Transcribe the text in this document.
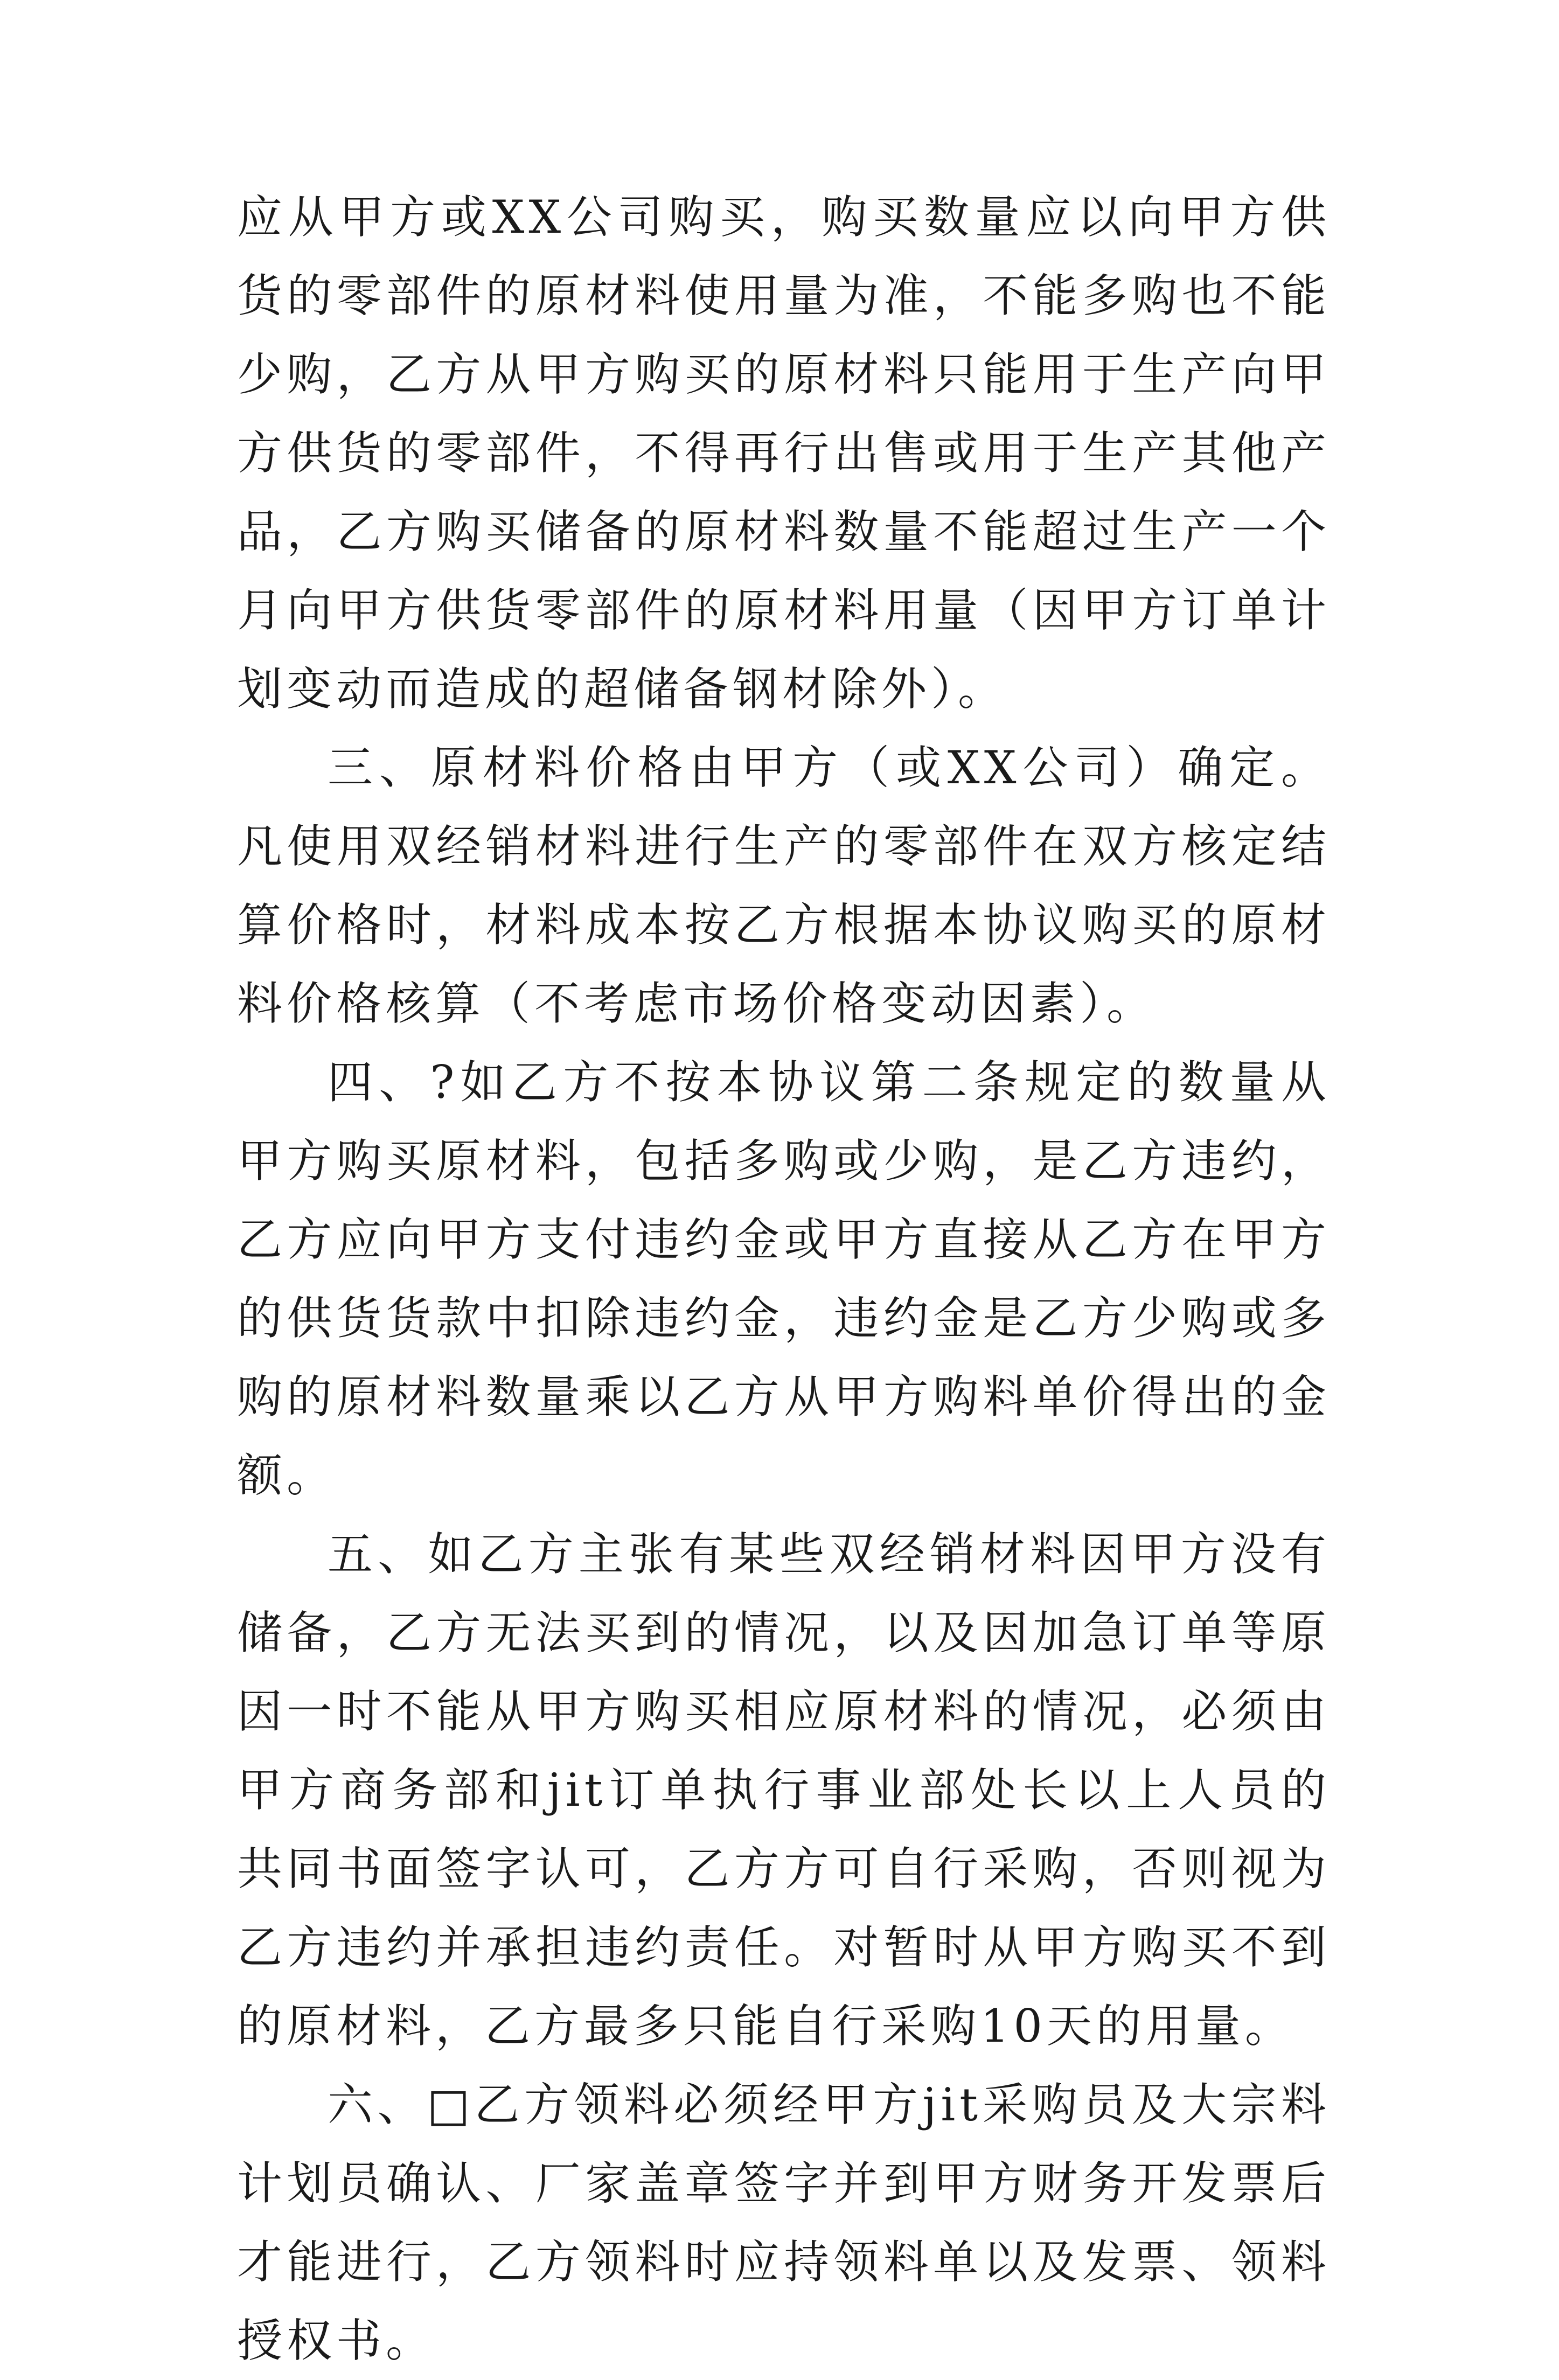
应从甲方或XX公司购买，购买数量应以向甲方供货的零部件的原材料使用量为准，不能多购也不能少购，乙方从甲方购买的原材料只能用于生产向甲方供货的零部件，不得再行出售或用于生产其他产品，乙方购买储备的原材料数量不能超过生产一个月向甲方供货零部件的原材料用量（因甲方订单计划变动而造成的超储备钢材除外）。

三、原材料价格由甲方（或XX公司）确定。凡使用双经销材料进行生产的零部件在双方核定结算价格时，材料成本按乙方根据本协议购买的原材料价格核算（不考虑市场价格变动因素）。

四、?如乙方不按本协议第二条规定的数量从甲方购买原材料，包括多购或少购，是乙方违约，乙方应向甲方支付违约金或甲方直接从乙方在甲方的供货货款中扣除违约金，违约金是乙方少购或多购的原材料数量乘以乙方从甲方购料单价得出的金额。

五、如乙方主张有某些双经销材料因甲方没有储备，乙方无法买到的情况，以及因加急订单等原因一时不能从甲方购买相应原材料的情况，必须由甲方商务部和jit订单执行事业部处长以上人员的共同书面签字认可，乙方方可自行采购，否则视为乙方违约并承担违约责任。对暂时从甲方购买不到的原材料，乙方最多只能自行采购10天的用量。

六、□乙方领料必须经甲方jit采购员及大宗料计划员确认、厂家盖章签字并到甲方财务开发票后才能进行，乙方领料时应持领料单以及发票、领料授权书。
